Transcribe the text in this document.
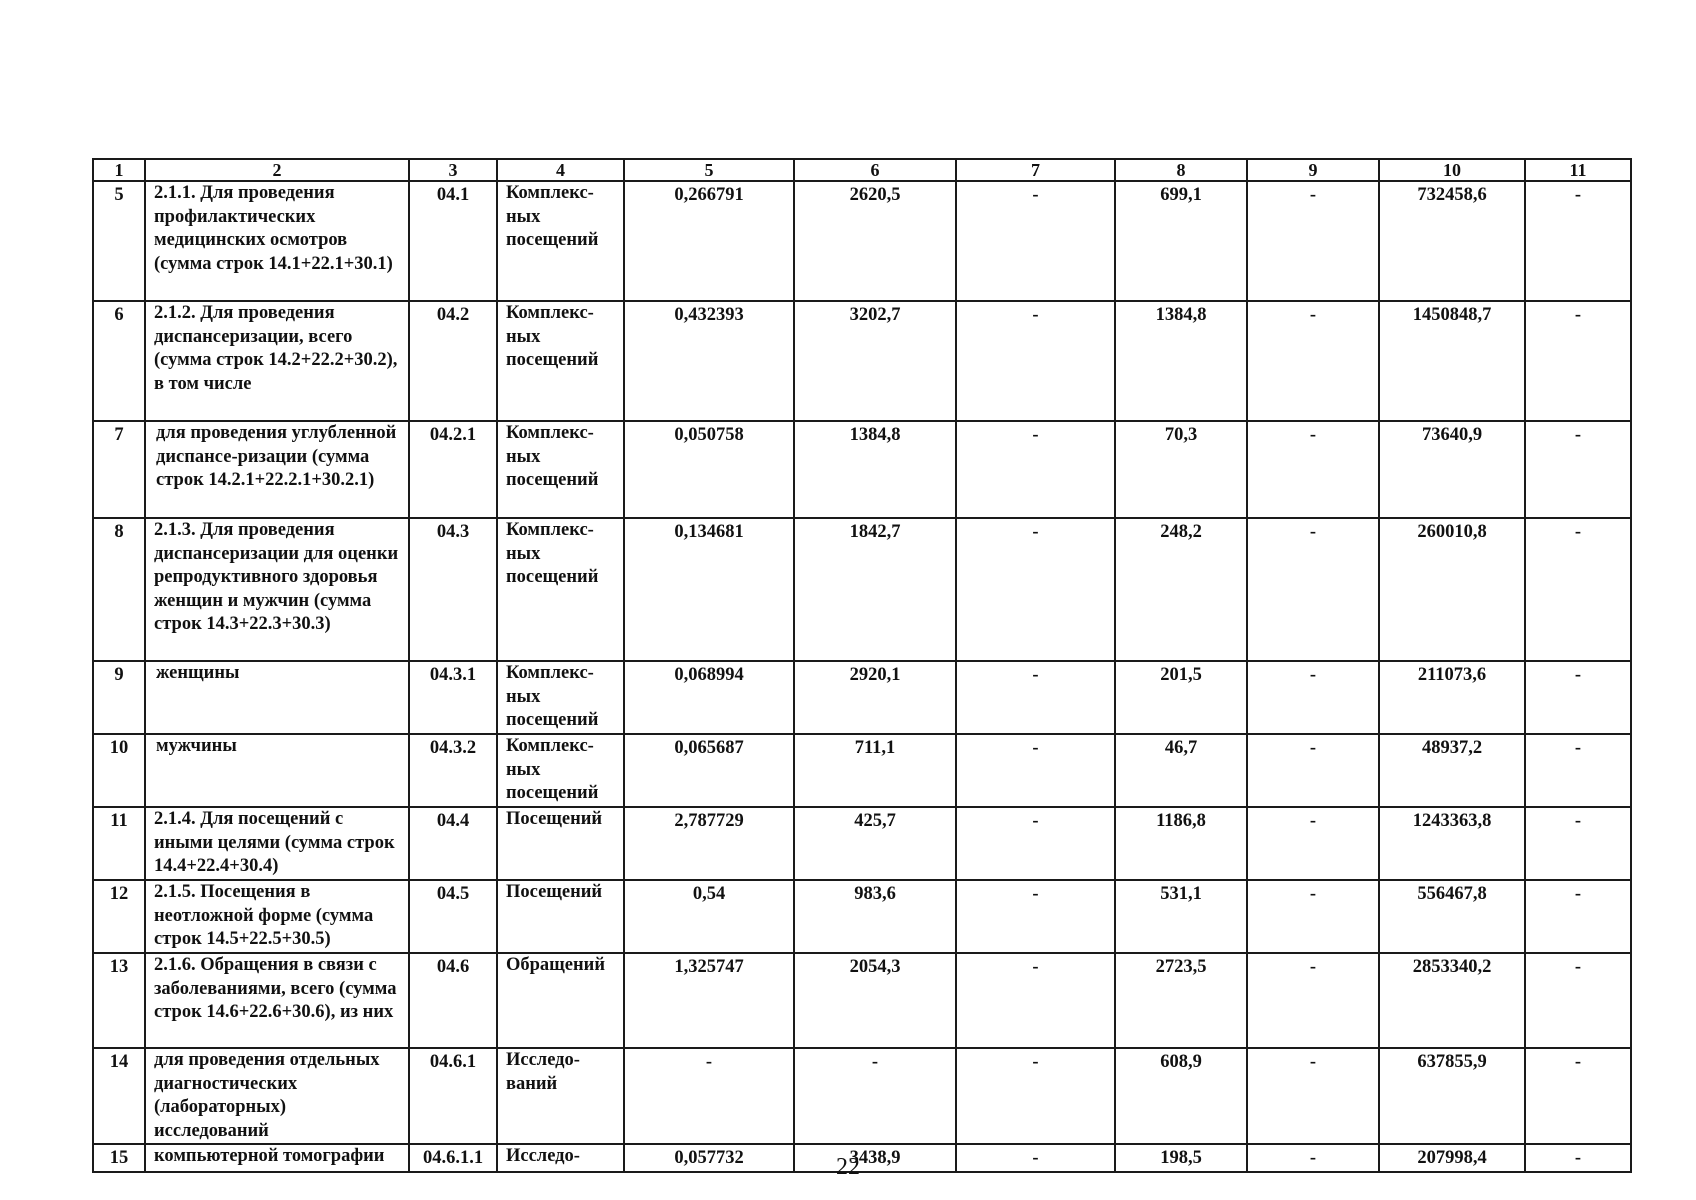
1	2	3	4	5	6	7	8	9	10	11
5	2.1.1. Для проведения профилактических медицинских осмотров (сумма строк 14.1+22.1+30.1)	04.1	Комплекс-ных посещений	0,266791	2620,5	-	699,1	-	732458,6	-
6	2.1.2. Для проведения диспансеризации, всего (сумма строк 14.2+22.2+30.2), в том числе	04.2	Комплекс-ных посещений	0,432393	3202,7	-	1384,8	-	1450848,7	-
7	для проведения углубленной диспансе-ризации (сумма строк 14.2.1+22.2.1+30.2.1)	04.2.1	Комплекс-ных посещений	0,050758	1384,8	-	70,3	-	73640,9	-
8	2.1.3. Для проведения диспансеризации для оценки репродуктивного здоровья женщин и мужчин (сумма строк 14.3+22.3+30.3)	04.3	Комплекс-ных посещений	0,134681	1842,7	-	248,2	-	260010,8	-
9	женщины	04.3.1	Комплекс-ных посещений	0,068994	2920,1	-	201,5	-	211073,6	-
10	мужчины	04.3.2	Комплекс-ных посещений	0,065687	711,1	-	46,7	-	48937,2	-
11	2.1.4. Для посещений с иными целями (сумма строк 14.4+22.4+30.4)	04.4	Посещений	2,787729	425,7	-	1186,8	-	1243363,8	-
12	2.1.5. Посещения в неотложной форме (сумма строк 14.5+22.5+30.5)	04.5	Посещений	0,54	983,6	-	531,1	-	556467,8	-
13	2.1.6. Обращения в связи с заболеваниями, всего (сумма строк 14.6+22.6+30.6), из них	04.6	Обращений	1,325747	2054,3	-	2723,5	-	2853340,2	-
14	для проведения отдельных диагностических (лабораторных) исследований	04.6.1	Исследо-ваний	-	-	-	608,9	-	637855,9	-
15	компьютерной томографии	04.6.1.1	Исследо-	0,057732	3438,9	-	198,5	-	207998,4	-
22
